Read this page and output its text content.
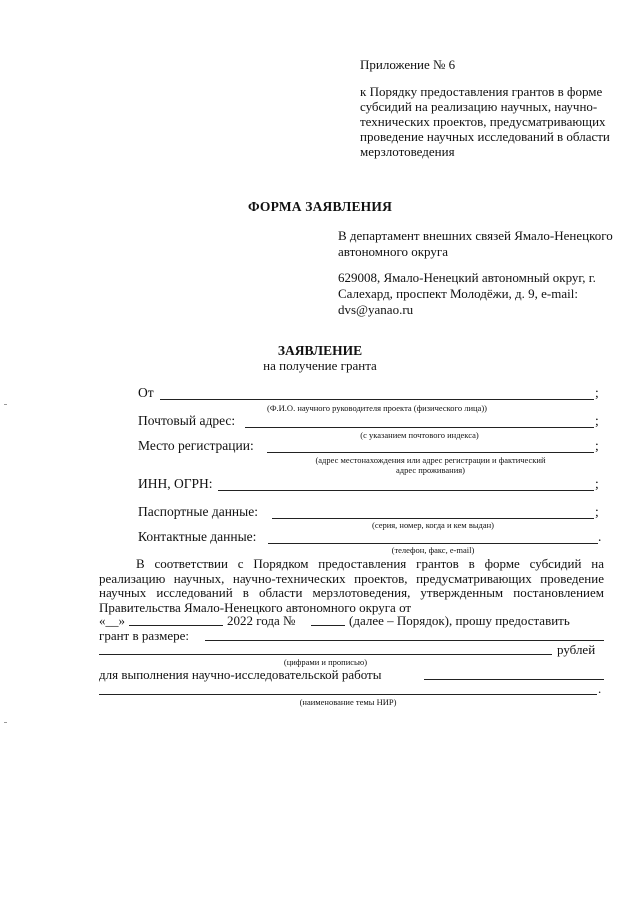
Приложение № 6
к Порядку предоставления грантов в форме субсидий на реализацию научных, научно-технических проектов, предусматривающих проведение научных исследований в области мерзлотоведения
ФОРМА ЗАЯВЛЕНИЯ
В департамент внешних связей Ямало-Ненецкого автономного округа
629008, Ямало-Ненецкий автономный округ, г. Салехард, проспект Молодёжи, д. 9, e-mail: dvs@yanao.ru
ЗАЯВЛЕНИЕ
на получение гранта
От	;
(Ф.И.О. научного руководителя проекта (физического лица))
Почтовый адрес:	;
(с указанием почтового индекса)
Место регистрации:	;
(адрес местонахождения или адрес регистрации и фактический
адрес проживания)
ИНН, ОГРН:	;
Паспортные данные:	;
(серия, номер, когда и кем выдан)
Контактные данные:	.
(телефон, факс, e-mail)
В соответствии с Порядком предоставления грантов в форме субсидий на реализацию научных, научно-технических проектов, предусматривающих проведение научных исследований в области мерзлотоведения, утвержденным постановлением Правительства Ямало-Ненецкого автономного округа от
«__»	2022 года №	(далее – Порядок), прошу предоставить
грант в размере:
рублей
(цифрами и прописью)
для выполнения научно-исследовательской работы
.
(наименование темы НИР)
